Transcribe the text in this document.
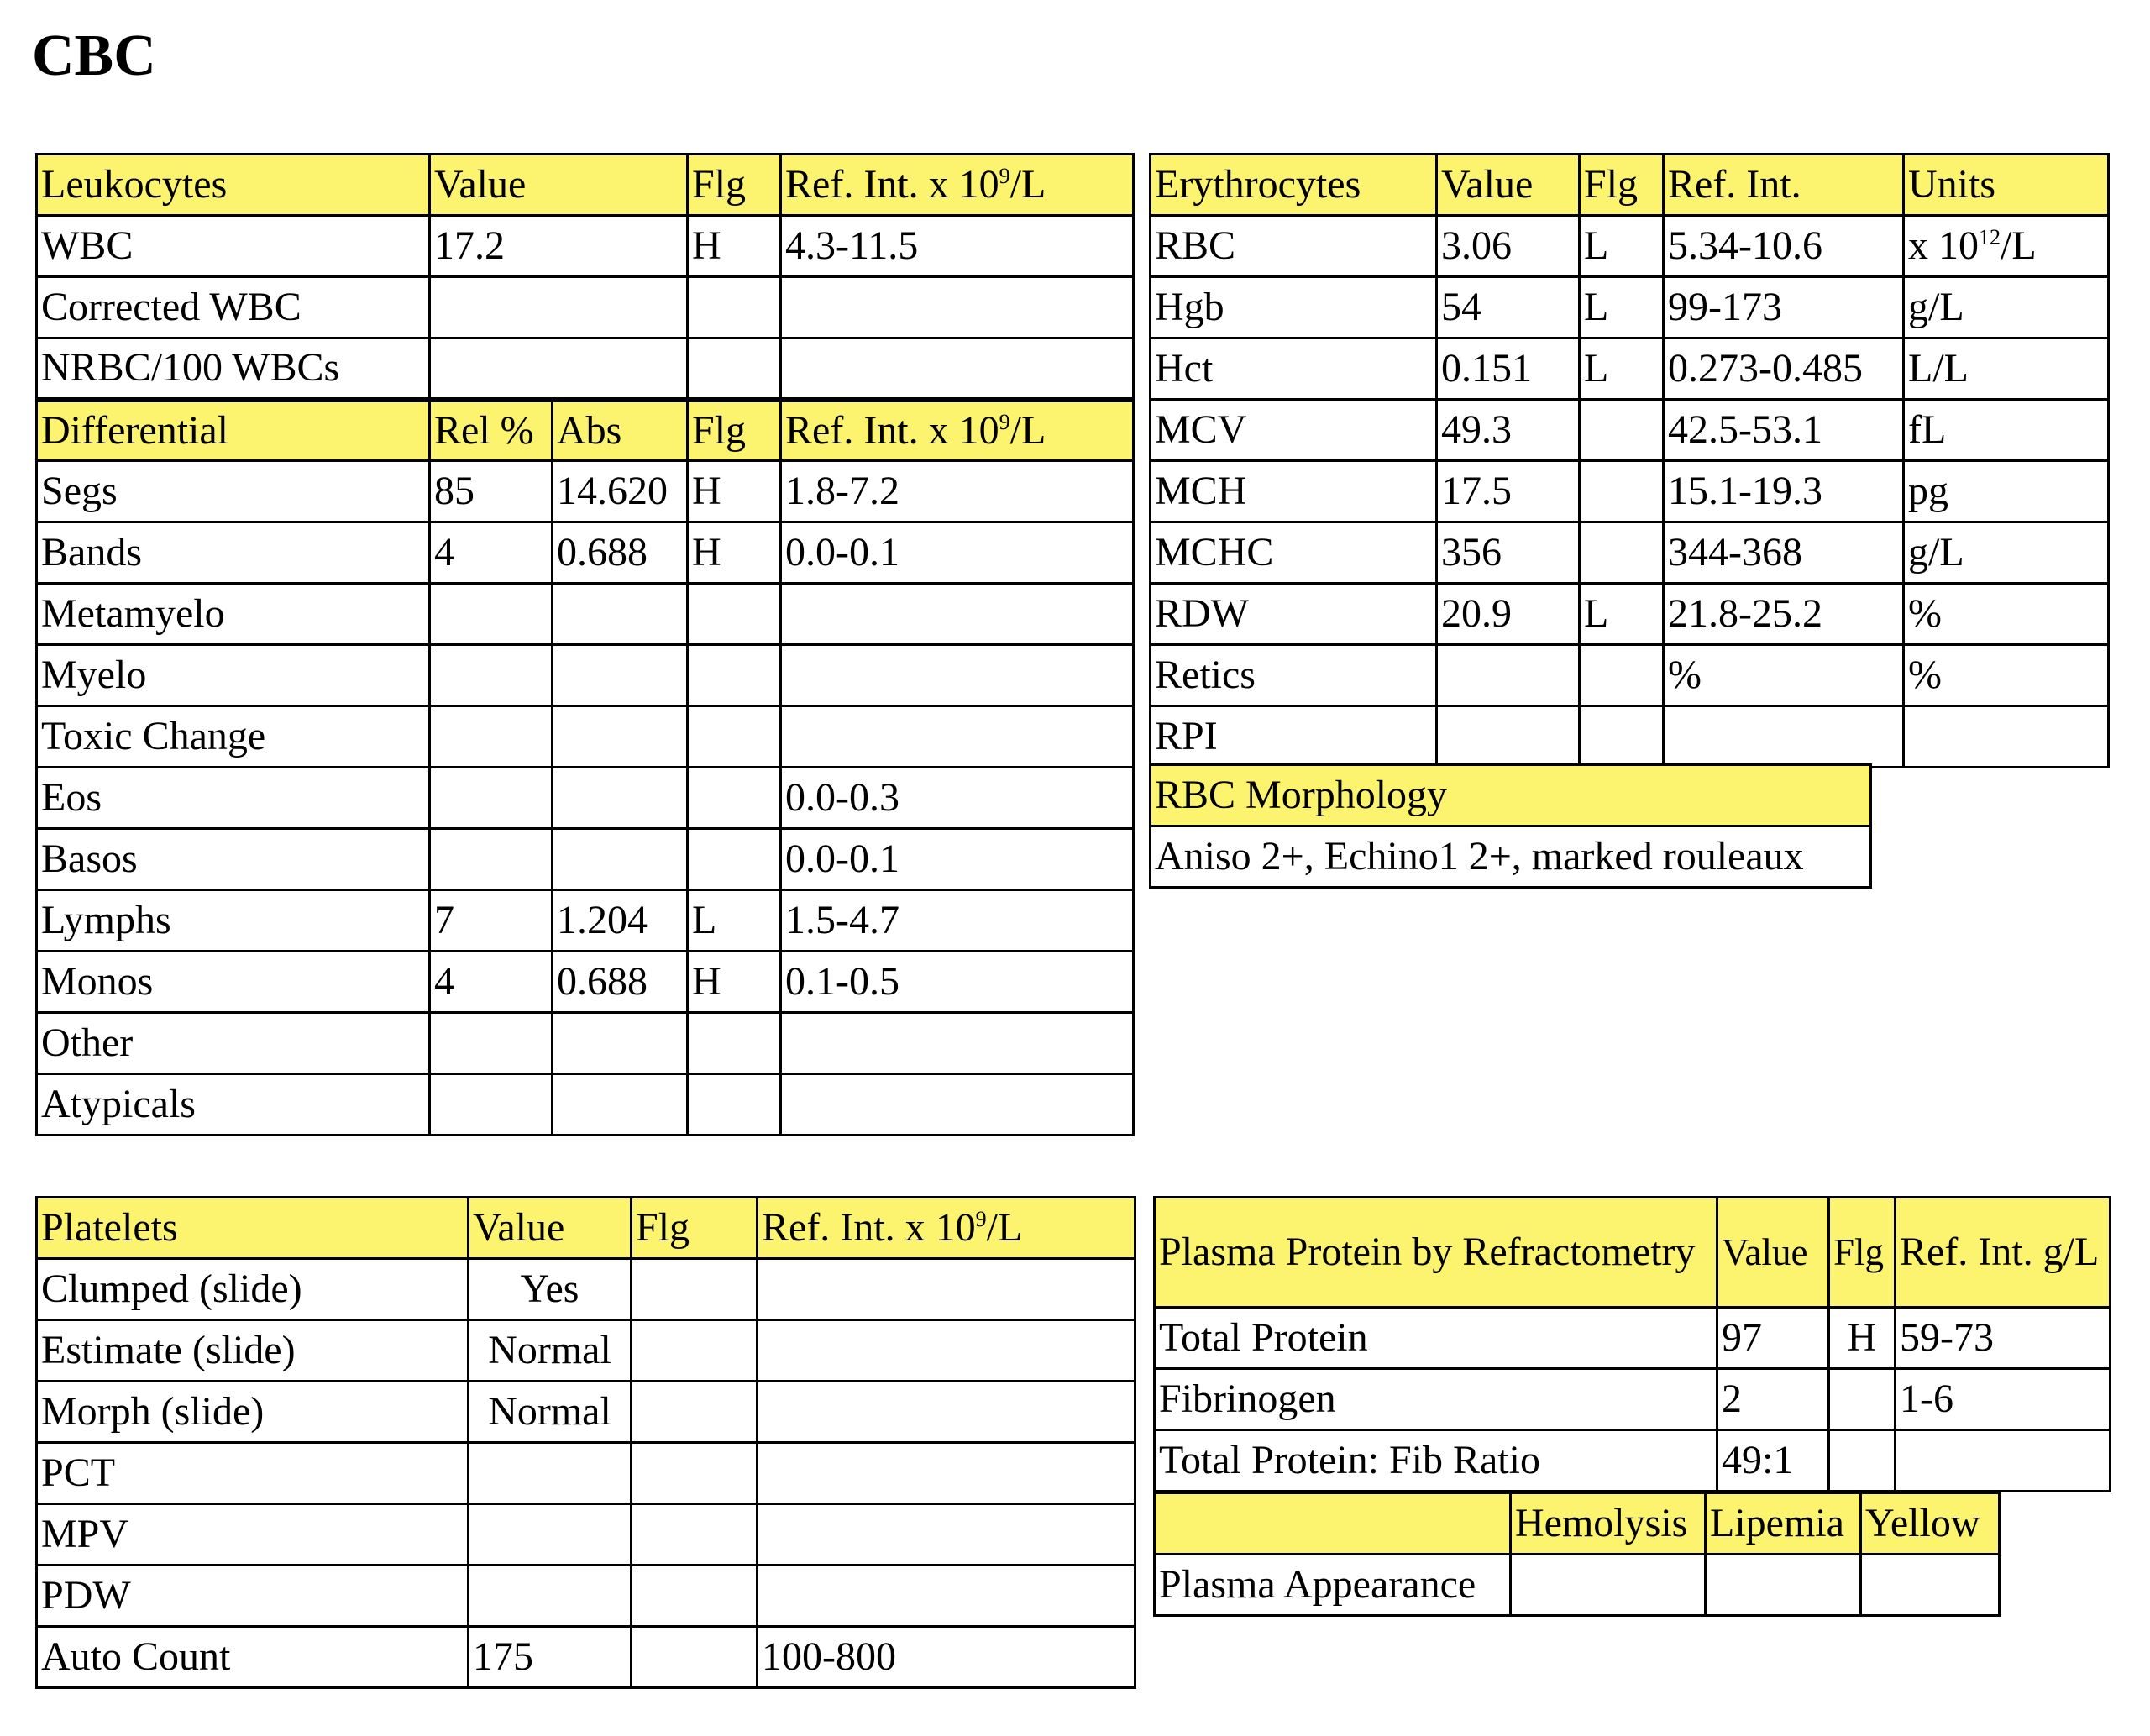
CBC
Leukocytes	Value		Flg	Ref. Int. x $10^9/L$
WBC	17.2		H	4.3-11.5
Corrected WBC				
NRBC/100 WBCs				
Differential	Rel %	Abs	Flg	Ref. Int. x $10^9/L$
Segs	85	14.620	H	1.8-7.2
Bands	4	0.688	H	0.0-0.1
Metamyelo				
Myelo				
Toxic Change				
Eos				0.0-0.3
Basos				0.0-0.1
Lymphs	7	1.204	L	1.5-4.7
Monos	4	0.688	H	0.1-0.5
Other				
Atypicals				
Erythrocytes	Value	Flg	Ref. Int.	Units
RBC	3.06	L	5.34-10.6	x $10^{12}/L$
Hgb	54	L	99-173	g/L
Hct	0.151	L	0.273-0.485	L/L
MCV	49.3		42.5-53.1	fL
MCH	17.5		15.1-19.3	pg
MCHC	356		344-368	g/L
RDW	20.9	L	21.8-25.2	%
Retics			%	%
RPI				
RBC Morphology
Aniso 2+, Echino1 2+, marked rouleaux
Platelets	Value	Flg	Ref. Int. x $10^9/L$
Clumped (slide)	Yes		
Estimate (slide)	Normal		
Morph (slide)	Normal		
PCT			
MPV			
PDW			
Auto Count	175		100-800
Plasma Protein by Refractometry	Value	Flg	Ref. Int. g/L
Total Protein	97	H	59-73
Fibrinogen	2		1-6
Total Protein: Fib Ratio	49:1		
	Hemolysis	Lipemia	Yellow
Plasma Appearance			
